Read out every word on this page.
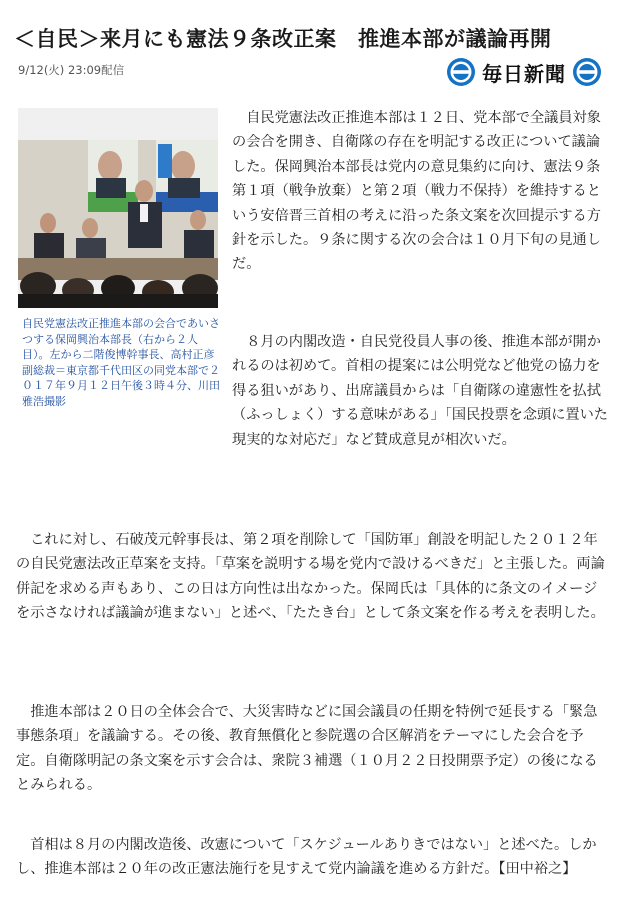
＜自民＞来月にも憲法９条改正案　推進本部が議論再開
9/12(火) 23:09配信	毎日新聞
自民党憲法改正推進本部の会合であいさつする保岡興治本部長（右から２人目）。左から二階俊博幹事長、高村正彦副総裁＝東京都千代田区の同党本部で２０１７年９月１２日午後３時４分、川田雅浩撮影

　自民党憲法改正推進本部は１２日、党本部で全議員対象の会合を開き、自衛隊の存在を明記する改正について議論した。保岡興治本部長は党内の意見集約に向け、憲法９条第１項（戦争放棄）と第２項（戦力不保持）を維持するという安倍晋三首相の考えに沿った条文案を次回提示する方針を示した。９条に関する次の会合は１０月下旬の見通しだ。

　８月の内閣改造・自民党役員人事の後、推進本部が開かれるのは初めて。首相の提案には公明党など他党の協力を得る狙いがあり、出席議員からは「自衛隊の違憲性を払拭（ふっしょく）する意味がある」「国民投票を念頭に置いた現実的な対応だ」など賛成意見が相次いだ。

　これに対し、石破茂元幹事長は、第２項を削除して「国防軍」創設を明記した２０１２年の自民党憲法改正草案を支持。「草案を説明する場を党内で設けるべきだ」と主張した。両論併記を求める声もあり、この日は方向性は出なかった。保岡氏は「具体的に条文のイメージを示さなければ議論が進まない」と述べ、「たたき台」として条文案を作る考えを表明した。

　推進本部は２０日の全体会合で、大災害時などに国会議員の任期を特例で延長する「緊急事態条項」を議論する。その後、教育無償化と参院選の合区解消をテーマにした会合を予定。自衛隊明記の条文案を示す会合は、衆院３補選（１０月２２日投開票予定）の後になるとみられる。

　首相は８月の内閣改造後、改憲について「スケジュールありきではない」と述べた。しかし、推進本部は２０年の改正憲法施行を見すえて党内論議を進める方針だ。【田中裕之】
